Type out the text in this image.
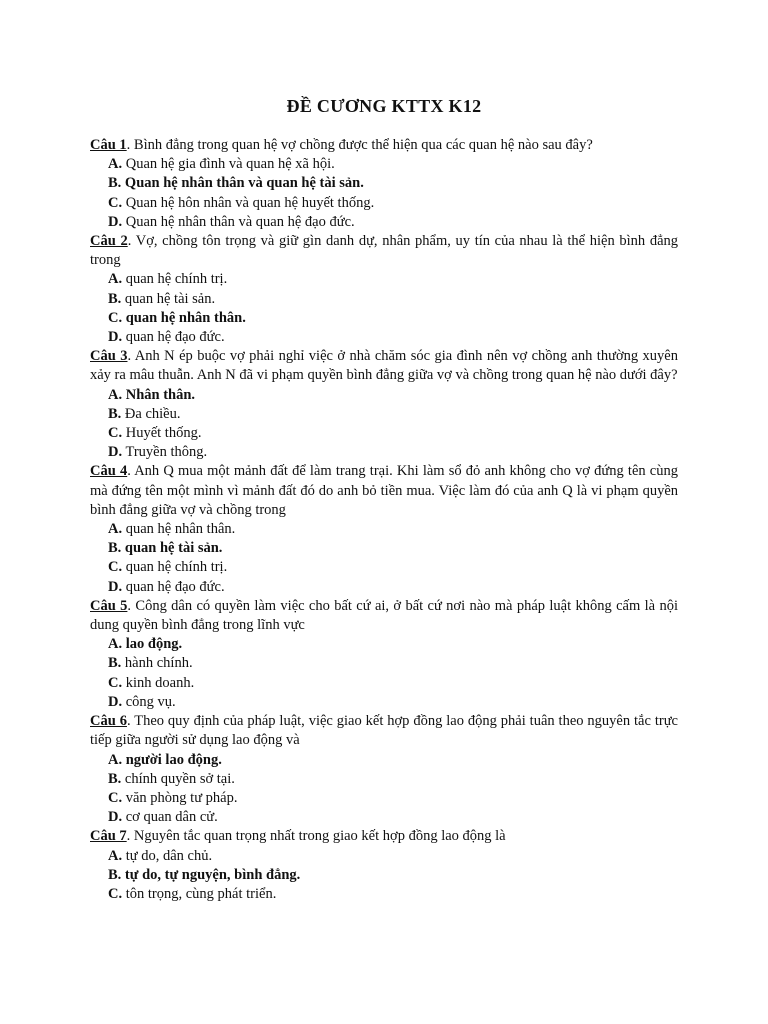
ĐỀ CƯƠNG KTTX K12
Câu 1. Bình đẳng trong quan hệ vợ chồng được thể hiện qua các quan hệ nào sau đây?
A. Quan hệ gia đình và quan hệ xã hội.
B. Quan hệ nhân thân và quan hệ tài sản.
C. Quan hệ hôn nhân và quan hệ huyết thống.
D. Quan hệ nhân thân và quan hệ đạo đức.
Câu 2. Vợ, chồng tôn trọng và giữ gìn danh dự, nhân phẩm, uy tín của nhau là thể hiện bình đẳng trong
A. quan hệ chính trị.
B. quan hệ tài sản.
C. quan hệ nhân thân.
D. quan hệ đạo đức.
Câu 3. Anh N ép buộc vợ phải nghỉ việc ở nhà chăm sóc gia đình nên vợ chồng anh thường xuyên xảy ra mâu thuẫn. Anh N đã vi phạm quyền bình đẳng giữa vợ và chồng trong quan hệ nào dưới đây?
A. Nhân thân.
B. Đa chiều.
C. Huyết thống.
D. Truyền thông.
Câu 4. Anh Q mua một mảnh đất để làm trang trại. Khi làm sổ đỏ anh không cho vợ đứng tên cùng mà đứng tên một mình vì mảnh đất đó do anh bỏ tiền mua. Việc làm đó của anh Q là vi phạm quyền bình đẳng giữa vợ và chồng trong
A. quan hệ nhân thân.
B. quan hệ tài sản.
C. quan hệ chính trị.
D. quan hệ đạo đức.
Câu 5. Công dân có quyền làm việc cho bất cứ ai, ở bất cứ nơi nào mà pháp luật không cấm là nội dung quyền bình đẳng trong lĩnh vực
A. lao động.
B. hành chính.
C. kinh doanh.
D. công vụ.
Câu 6. Theo quy định của pháp luật, việc giao kết hợp đồng lao động phải tuân theo nguyên tắc trực tiếp giữa người sử dụng lao động và
A. người lao động.
B. chính quyền sở tại.
C. văn phòng tư pháp.
D. cơ quan dân cử.
Câu 7. Nguyên tắc quan trọng nhất trong giao kết hợp đồng lao động là
A. tự do, dân chủ.
B. tự do, tự nguyện, bình đẳng.
C. tôn trọng, cùng phát triển.
